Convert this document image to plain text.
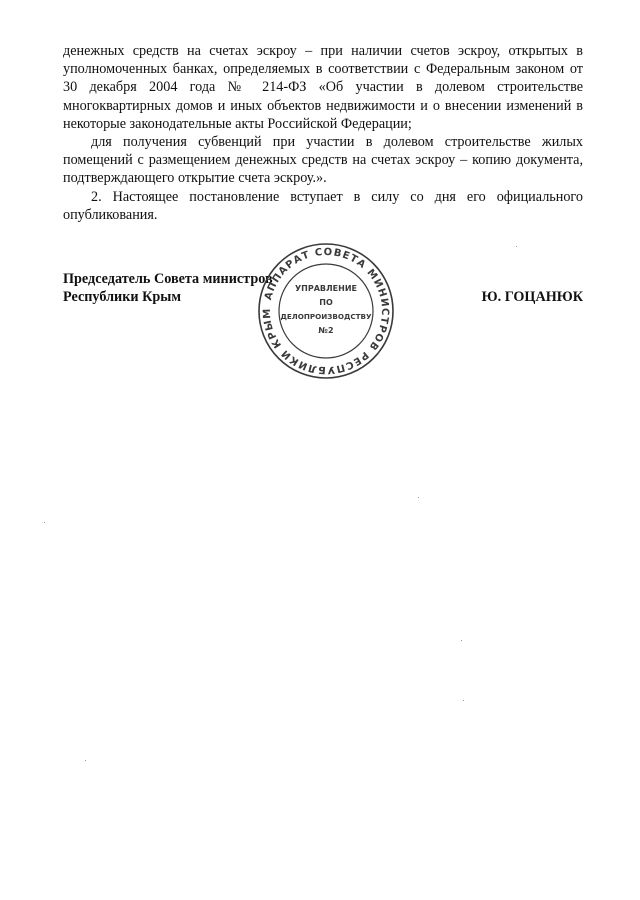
денежных средств на счетах эскроу – при наличии счетов эскроу, открытых в уполномоченных банках, определяемых в соответствии с Федеральным законом от 30 декабря 2004 года № 214-ФЗ «Об участии в долевом строительстве многоквартирных домов и иных объектов недвижимости и о внесении изменений в некоторые законодательные акты Российской Федерации;

для получения субвенций при участии в долевом строительстве жилых помещений с размещением денежных средств на счетах эскроу – копию документа, подтверждающего открытие счета эскроу.».

2. Настоящее постановление вступает в силу со дня его официального опубликования.

Председатель Совета министров
Республики Крым	Ю. ГОЦАНЮК
АППАРАТ СОВЕТА МИНИСТРОВ РЕСПУБЛИКИ КРЫМ
УПРАВЛЕНИЕ
ПО
ДЕЛОПРОИЗВОДСТВУ
№2
